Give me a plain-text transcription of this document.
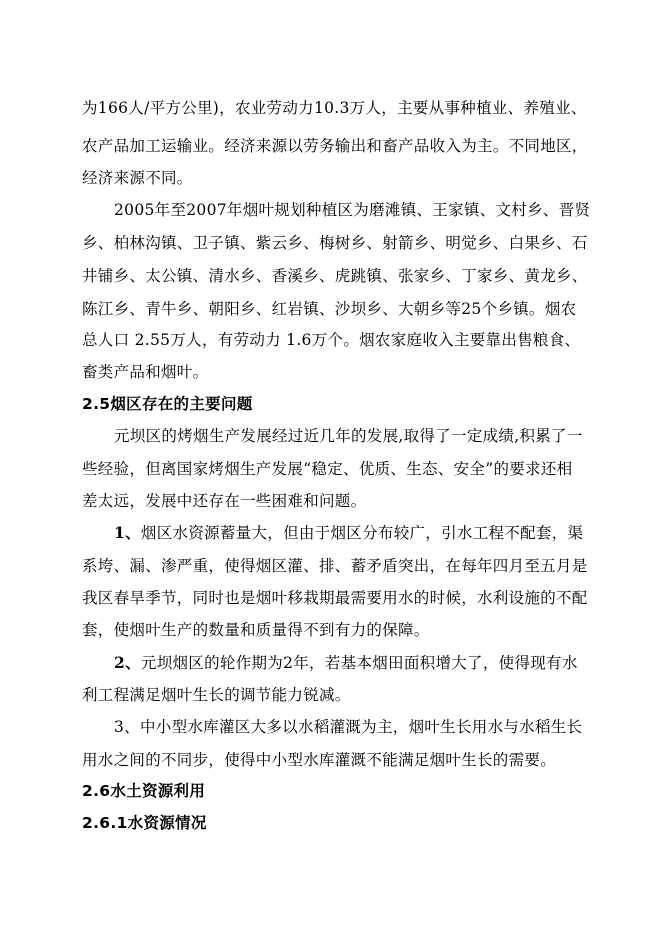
为166人/平方公里)，农业劳动力10.3万人，主要从事种植业、养殖业、
农产品加工运输业。经济来源以劳务输出和畜产品收入为主。不同地区，
经济来源不同。
2005年至2007年烟叶规划种植区为磨滩镇、王家镇、文村乡、晋贤
乡、柏林沟镇、卫子镇、紫云乡、梅树乡、射箭乡、明觉乡、白果乡、石
井铺乡、太公镇、清水乡、香溪乡、虎跳镇、张家乡、丁家乡、黄龙乡、
陈江乡、青牛乡、朝阳乡、红岩镇、沙坝乡、大朝乡等25个乡镇。烟农
总人口 2.55万人，有劳动力 1.6万个。烟农家庭收入主要靠出售粮食、
畜类产品和烟叶。
2.5烟区存在的主要问题
元坝区的烤烟生产发展经过近几年的发展,取得了一定成绩,积累了一
些经验，但离国家烤烟生产发展“稳定、优质、生态、安全”的要求还相
差太远，发展中还存在一些困难和问题。
1、烟区水资源蓄量大，但由于烟区分布较广，引水工程不配套，渠
系垮、漏、渗严重，使得烟区灌、排、蓄矛盾突出，在每年四月至五月是
我区春旱季节，同时也是烟叶移栽期最需要用水的时候，水利设施的不配
套，使烟叶生产的数量和质量得不到有力的保障。
2、元坝烟区的轮作期为2年，若基本烟田面积增大了，使得现有水
利工程满足烟叶生长的调节能力锐减。
3、中小型水库灌区大多以水稻灌溉为主，烟叶生长用水与水稻生长
用水之间的不同步，使得中小型水库灌溉不能满足烟叶生长的需要。
2.6水土资源利用
2.6.1水资源情况
